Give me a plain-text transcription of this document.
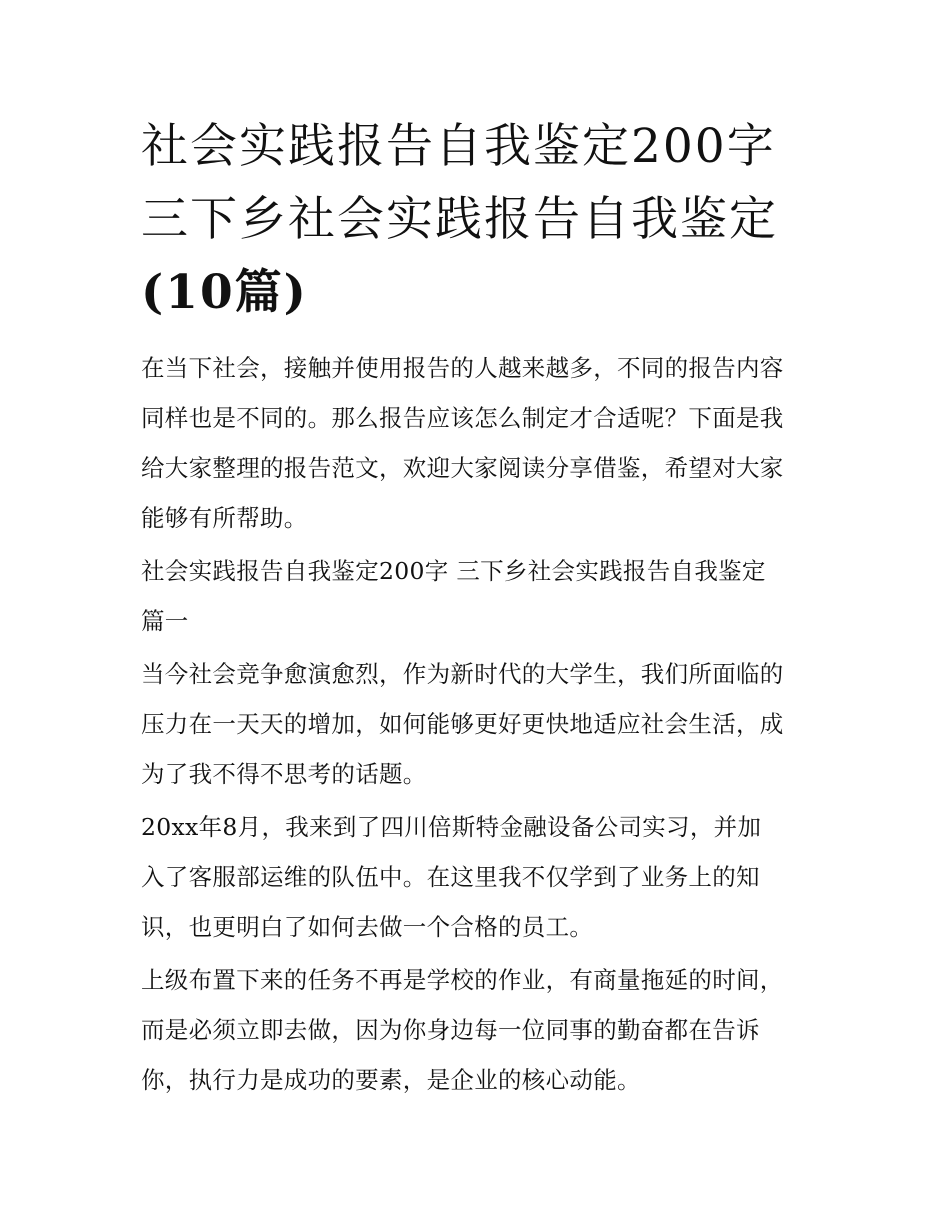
社会实践报告自我鉴定200字
三下乡社会实践报告自我鉴定
(10篇)

在当下社会，接触并使用报告的人越来越多，不同的报告内容
同样也是不同的。那么报告应该怎么制定才合适呢？下面是我
给大家整理的报告范文，欢迎大家阅读分享借鉴，希望对大家
能够有所帮助。

社会实践报告自我鉴定200字 三下乡社会实践报告自我鉴定
篇一

当今社会竞争愈演愈烈，作为新时代的大学生，我们所面临的
压力在一天天的增加，如何能够更好更快地适应社会生活，成
为了我不得不思考的话题。

20xx年8月，我来到了四川倍斯特金融设备公司实习，并加
入了客服部运维的队伍中。在这里我不仅学到了业务上的知
识，也更明白了如何去做一个合格的员工。

上级布置下来的任务不再是学校的作业，有商量拖延的时间，
而是必须立即去做，因为你身边每一位同事的勤奋都在告诉
你，执行力是成功的要素，是企业的核心动能。
